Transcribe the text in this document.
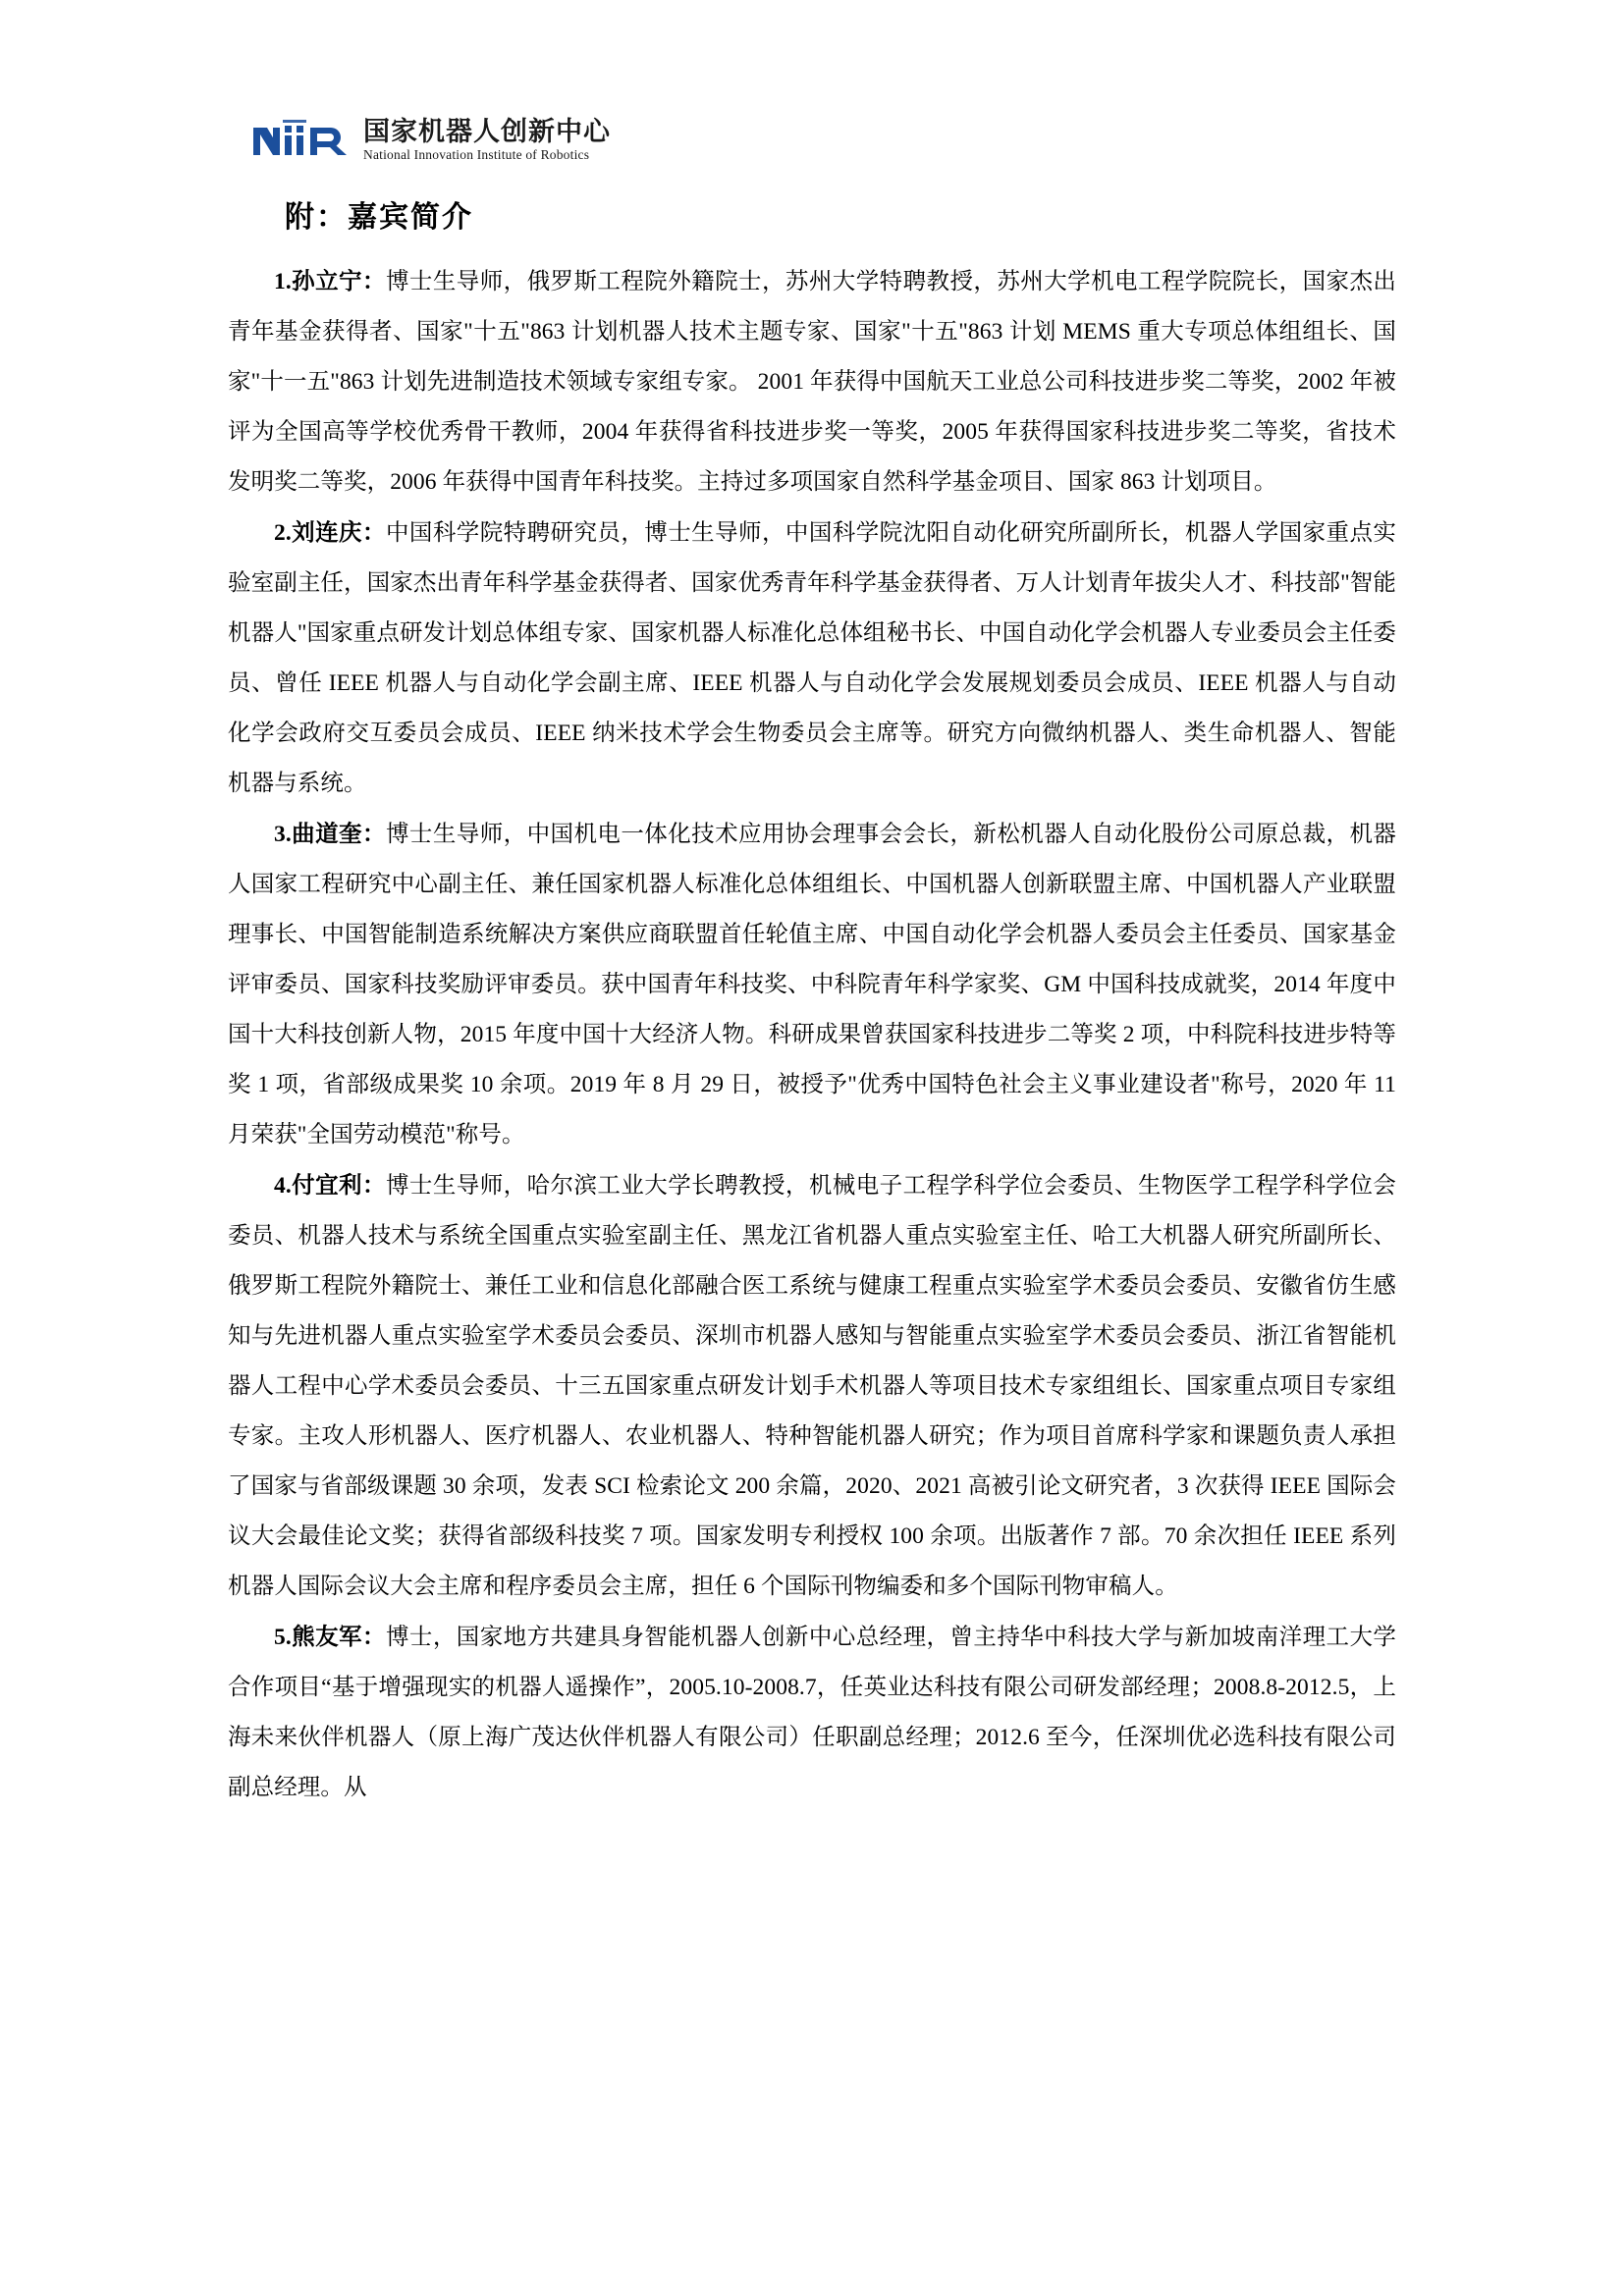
国家机器人创新中心
National Innovation Institute of Robotics
附：嘉宾简介

1.孙立宁：博士生导师，俄罗斯工程院外籍院士，苏州大学特聘教授，苏州大学机电工程学院院长，国家杰出青年基金获得者、国家"十五"863 计划机器人技术主题专家、国家"十五"863 计划 MEMS 重大专项总体组组长、国家"十一五"863 计划先进制造技术领域专家组专家。 2001 年获得中国航天工业总公司科技进步奖二等奖，2002 年被评为全国高等学校优秀骨干教师，2004 年获得省科技进步奖一等奖，2005 年获得国家科技进步奖二等奖，省技术发明奖二等奖，2006 年获得中国青年科技奖。主持过多项国家自然科学基金项目、国家 863 计划项目。

2.刘连庆：中国科学院特聘研究员，博士生导师，中国科学院沈阳自动化研究所副所长，机器人学国家重点实验室副主任，国家杰出青年科学基金获得者、国家优秀青年科学基金获得者、万人计划青年拔尖人才、科技部"智能机器人"国家重点研发计划总体组专家、国家机器人标准化总体组秘书长、中国自动化学会机器人专业委员会主任委员、曾任 IEEE 机器人与自动化学会副主席、IEEE 机器人与自动化学会发展规划委员会成员、IEEE 机器人与自动化学会政府交互委员会成员、IEEE 纳米技术学会生物委员会主席等。研究方向微纳机器人、类生命机器人、智能机器与系统。

3.曲道奎：博士生导师，中国机电一体化技术应用协会理事会会长，新松机器人自动化股份公司原总裁，机器人国家工程研究中心副主任、兼任国家机器人标准化总体组组长、中国机器人创新联盟主席、中国机器人产业联盟理事长、中国智能制造系统解决方案供应商联盟首任轮值主席、中国自动化学会机器人委员会主任委员、国家基金评审委员、国家科技奖励评审委员。获中国青年科技奖、中科院青年科学家奖、GM 中国科技成就奖，2014 年度中国十大科技创新人物，2015 年度中国十大经济人物。科研成果曾获国家科技进步二等奖 2 项，中科院科技进步特等奖 1 项，省部级成果奖 10 余项。2019 年 8 月 29 日，被授予"优秀中国特色社会主义事业建设者"称号，2020 年 11 月荣获"全国劳动模范"称号。

4.付宜利：博士生导师，哈尔滨工业大学长聘教授，机械电子工程学科学位会委员、生物医学工程学科学位会委员、机器人技术与系统全国重点实验室副主任、黑龙江省机器人重点实验室主任、哈工大机器人研究所副所长、俄罗斯工程院外籍院士、兼任工业和信息化部融合医工系统与健康工程重点实验室学术委员会委员、安徽省仿生感知与先进机器人重点实验室学术委员会委员、深圳市机器人感知与智能重点实验室学术委员会委员、浙江省智能机器人工程中心学术委员会委员、十三五国家重点研发计划手术机器人等项目技术专家组组长、国家重点项目专家组专家。主攻人形机器人、医疗机器人、农业机器人、特种智能机器人研究；作为项目首席科学家和课题负责人承担了国家与省部级课题 30 余项，发表 SCI 检索论文 200 余篇，2020、2021 高被引论文研究者，3 次获得 IEEE 国际会议大会最佳论文奖；获得省部级科技奖 7 项。国家发明专利授权 100 余项。出版著作 7 部。70 余次担任 IEEE 系列机器人国际会议大会主席和程序委员会主席，担任 6 个国际刊物编委和多个国际刊物审稿人。

5.熊友军：博士，国家地方共建具身智能机器人创新中心总经理，曾主持华中科技大学与新加坡南洋理工大学合作项目“基于增强现实的机器人遥操作”，2005.10-2008.7，任英业达科技有限公司研发部经理；2008.8-2012.5，上海未来伙伴机器人（原上海广茂达伙伴机器人有限公司）任职副总经理；2012.6 至今，任深圳优必选科技有限公司副总经理。从
